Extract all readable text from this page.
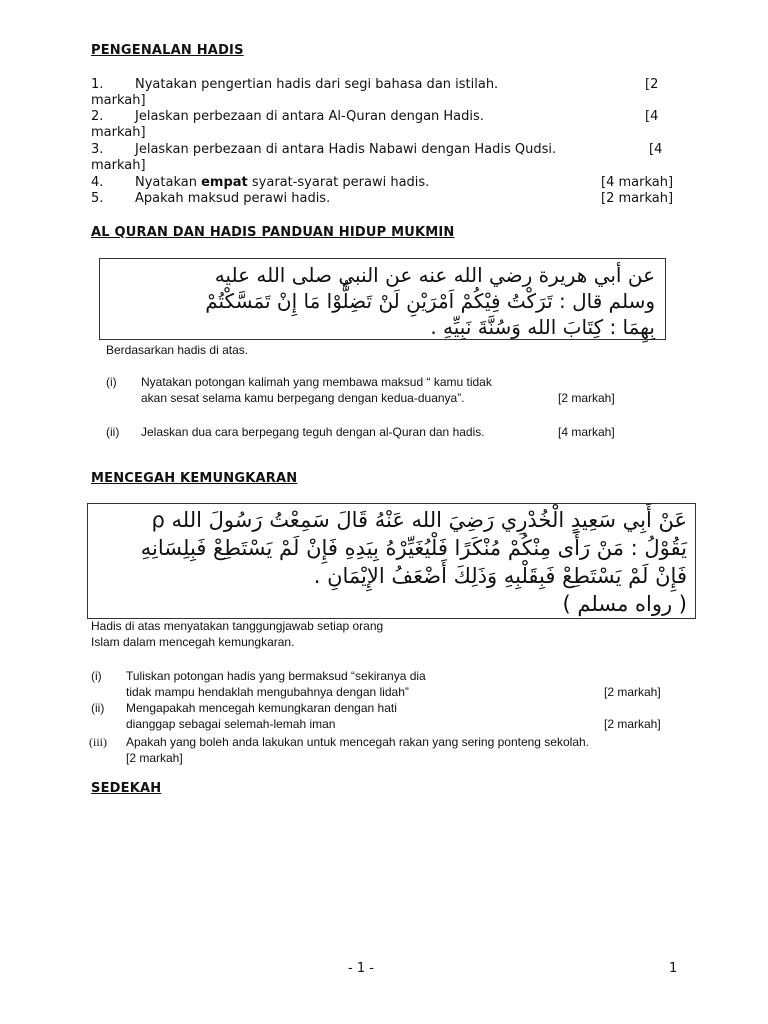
PENGENALAN HADIS
1. Nyatakan pengertian hadis dari segi bahasa dan istilah.	[2
markah]
2. Jelaskan perbezaan di antara Al-Quran dengan Hadis.	[4
markah]
3. Jelaskan perbezaan di antara Hadis Nabawi dengan Hadis Qudsi.	[4
markah]
4. Nyatakan empat syarat-syarat perawi hadis.	[4 markah]
5. Apakah maksud perawi hadis.	[2 markah]
AL QURAN DAN HADIS PANDUAN HIDUP MUKMIN
عن أبي هريرة رضي الله عنه عن النبي صلى الله عليه
وسلم قال : تَرَكْتُ فِيْكُمْ اَمْرَيْنِ لَنْ تَضِلُّوْا مَا إِنْ تَمَسَّكْتُمْ
بِهِمَا : كِتَابَ الله وَسُنَّةَ نَبِيِّهِ .
Berdasarkan hadis di atas.
(i) Nyatakan potongan kalimah yang membawa maksud “ kamu tidak
akan sesat selama kamu berpegang dengan kedua-duanya”.	[2 markah]
(ii) Jelaskan dua cara berpegang teguh dengan al-Quran dan hadis.	[4 markah]
MENCEGAH KEMUNGKARAN
عَنْ أَبِي سَعِيدٍ الْخُدْرِي رَضِيَ الله عَنْهُ قَالَ سَمِعْتُ رَسُولَ الله ρ
يَقُوْلُ : مَنْ رَأَى مِنْكُمْ مُنْكَرًا فَلْيُغَيِّرْهُ بِيَدِهِ فَإِنْ لَمْ يَسْتَطِعْ فَبِلِسَانِهِ
فَإِنْ لَمْ يَسْتَطِعْ فَبِقَلْبِهِ وَذَلِكَ أَضْعَفُ الإِيْمَانِ .
( رواه مسلم )
Hadis di atas menyatakan tanggungjawab setiap orang
Islam dalam mencegah kemungkaran.
(i) Tuliskan potongan hadis yang bermaksud “sekiranya dia
tidak mampu hendaklah mengubahnya dengan lidah”	[2 markah]
(ii) Mengapakah mencegah kemungkaran dengan hati
dianggap sebagai selemah-lemah iman	[2 markah]
(iii) Apakah yang boleh anda lakukan untuk mencegah rakan yang sering ponteng sekolah.
[2 markah]
SEDEKAH
- 1 -	1
